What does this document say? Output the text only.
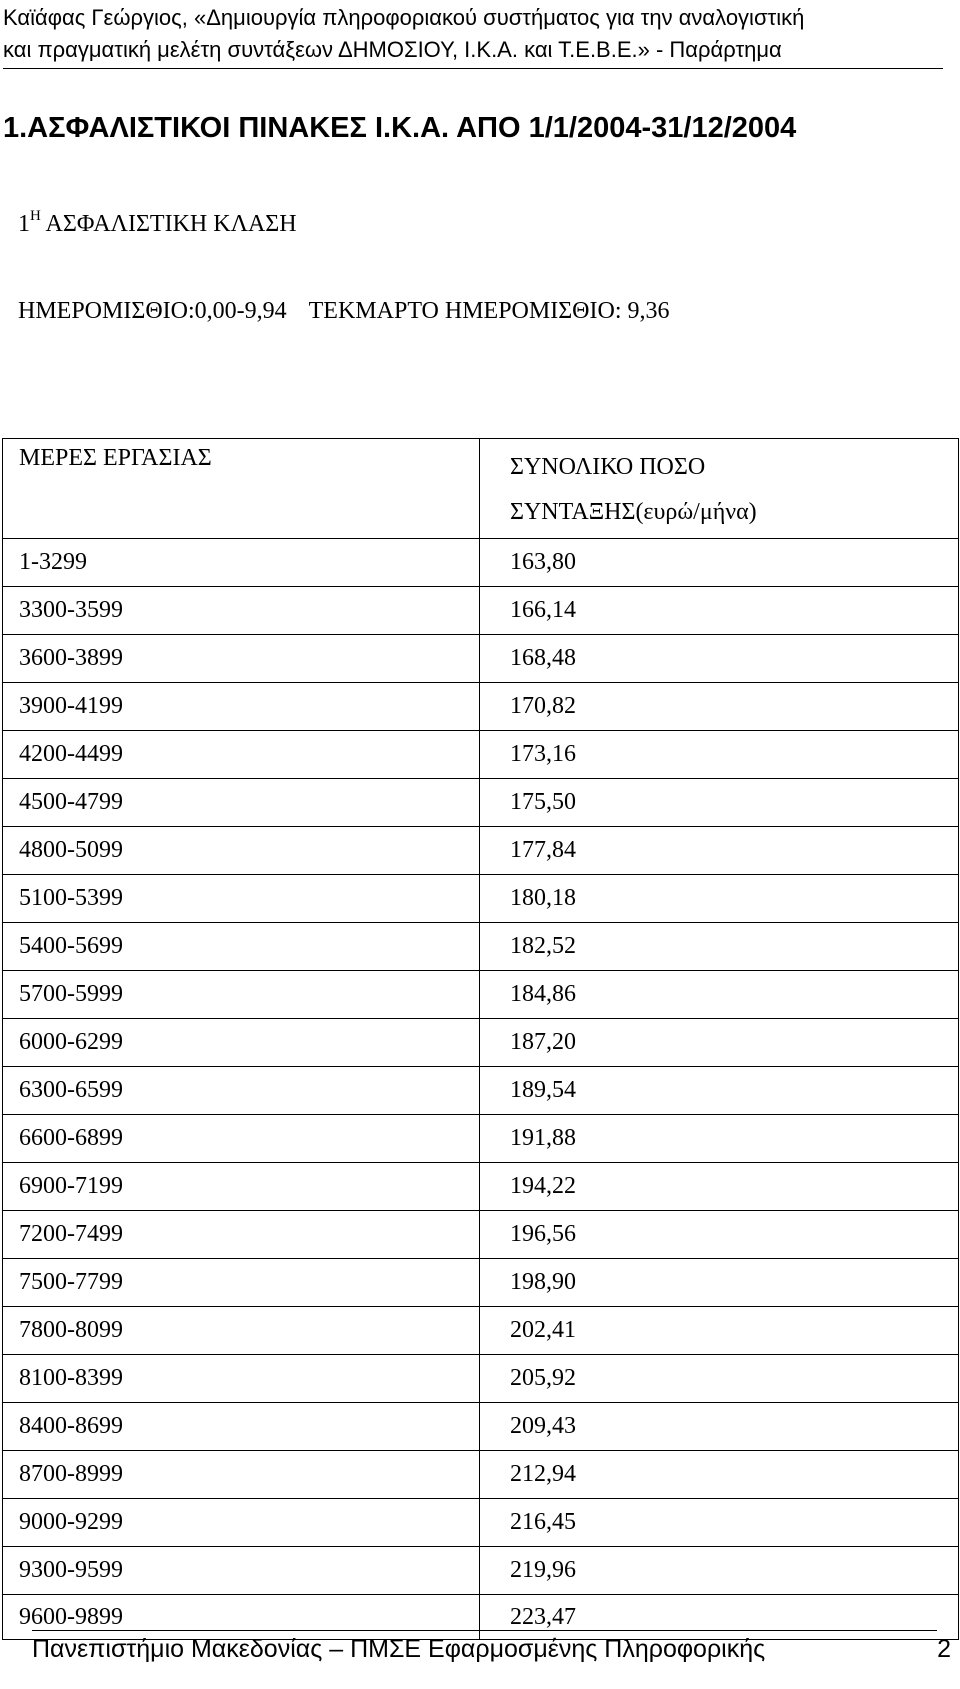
Καϊάφας Γεώργιος, «Δημιουργία πληροφοριακού συστήματος για την αναλογιστική
και πραγματική μελέτη συντάξεων ΔΗΜΟΣΙΟΥ, Ι.Κ.Α. και Τ.Ε.Β.Ε.» - Παράρτημα
1.ΑΣΦΑΛΙΣΤΙΚΟΙ ΠΙΝΑΚΕΣ Ι.Κ.Α. ΑΠΟ 1/1/2004-31/12/2004
$1^H$ ΑΣΦΑΛΙΣΤΙΚΗ ΚΛΑΣΗ
ΗΜΕΡΟΜΙΣΘΙΟ:0,00-9,94 ΤΕΚΜΑΡΤΟ ΗΜΕΡΟΜΙΣΘΙΟ: 9,36
ΜΕΡΕΣ ΕΡΓΑΣΙΑΣ	ΣΥΝΟΛΙΚΟ ΠΟΣΟ
ΣΥΝΤΑΞΗΣ(ευρώ/μήνα)

1-3299	163,80
3300-3599	166,14
3600-3899	168,48
3900-4199	170,82
4200-4499	173,16
4500-4799	175,50
4800-5099	177,84
5100-5399	180,18
5400-5699	182,52
5700-5999	184,86
6000-6299	187,20
6300-6599	189,54
6600-6899	191,88
6900-7199	194,22
7200-7499	196,56
7500-7799	198,90
7800-8099	202,41
8100-8399	205,92
8400-8699	209,43
8700-8999	212,94
9000-9299	216,45
9300-9599	219,96
9600-9899	223,47
Πανεπιστήμιο Μακεδονίας – ΠΜΣΕ Εφαρμοσμένης Πληροφορικής	2
